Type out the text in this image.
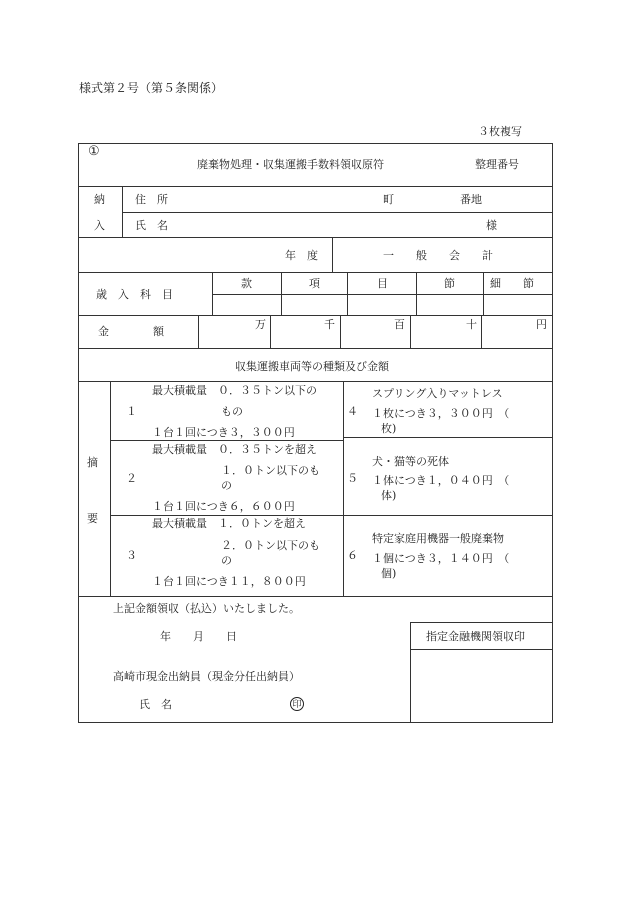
様式第２号（第５条関係）
３枚複写
①
廃棄物処理・収集運搬手数料領収原符	整理番号
納
入
住　所	町	番地
氏　名	様
年　度	一　　般　　会　　計
歳　入　科　目
款	項	目	節	細　　節
金　　　　額
万	千	百	十	円
収集運搬車両等の種類及び金額
摘
要
最大積載量　０．３５トン以下の
１	もの
１台１回につき３，３００円
最大積載量　０．３５トンを超え
１．０トン以下のも
２
の
１台１回につき６，６００円
最大積載量　１．０トンを超え
２．０トン以下のも
３	の
１台１回につき１１，８００円
スプリング入りマットレス
４ １枚につき３，３００円　（
枚)
犬・猫等の死体
５ １体につき１，０４０円　（
体)
特定家庭用機器一般廃棄物
６ １個につき３，１４０円　（
個)
上記金額領収（払込）いたしました。
年　　月　　日
高崎市現金出納員（現金分任出納員）
氏　名	印
指定金融機関領収印
